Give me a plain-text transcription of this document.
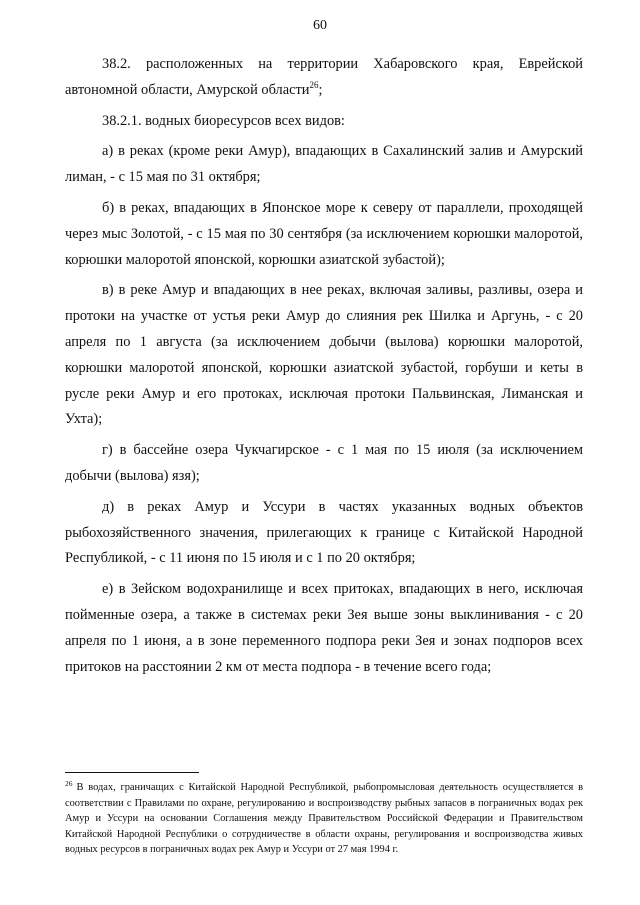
60

38.2. расположенных на территории Хабаровского края, Еврейской автономной области, Амурской области$^{26}$;

38.2.1. водных биоресурсов всех видов:

а) в реках (кроме реки Амур), впадающих в Сахалинский залив и Амурский лиман, - с 15 мая по 31 октября;

б) в реках, впадающих в Японское море к северу от параллели, проходящей через мыс Золотой, - с 15 мая по 30 сентября (за исключением корюшки малоротой, корюшки малоротой японской, корюшки азиатской зубастой);

в) в реке Амур и впадающих в нее реках, включая заливы, разливы, озера и протоки на участке от устья реки Амур до слияния рек Шилка и Аргунь, - с 20 апреля по 1 августа (за исключением добычи (вылова) корюшки малоротой, корюшки малоротой японской, корюшки азиатской зубастой, горбуши и кеты в русле реки Амур и его протоках, исключая протоки Пальвинская, Лиманская и Ухта);

г) в бассейне озера Чукчагирское - с 1 мая по 15 июля (за исключением добычи (вылова) язя);

д) в реках Амур и Уссури в частях указанных водных объектов рыбохозяйственного значения, прилегающих к границе с Китайской Народной Республикой, - с 11 июня по 15 июля и с 1 по 20 октября;

е) в Зейском водохранилище и всех притоках, впадающих в него, исключая пойменные озера, а также в системах реки Зея выше зоны выклинивания - с 20 апреля по 1 июня, а в зоне переменного подпора реки Зея и зонах подпоров всех притоков на расстоянии 2 км от места подпора - в течение всего года;

$^{26}$ В водах, граничащих с Китайской Народной Республикой, рыбопромысловая деятельность осуществляется в соответствии с Правилами по охране, регулированию и воспроизводству рыбных запасов в пограничных водах рек Амур и Уссури на основании Соглашения между Правительством Российской Федерации и Правительством Китайской Народной Республики о сотрудничестве в области охраны, регулирования и воспроизводства живых водных ресурсов в пограничных водах рек Амур и Уссури от 27 мая 1994 г.
